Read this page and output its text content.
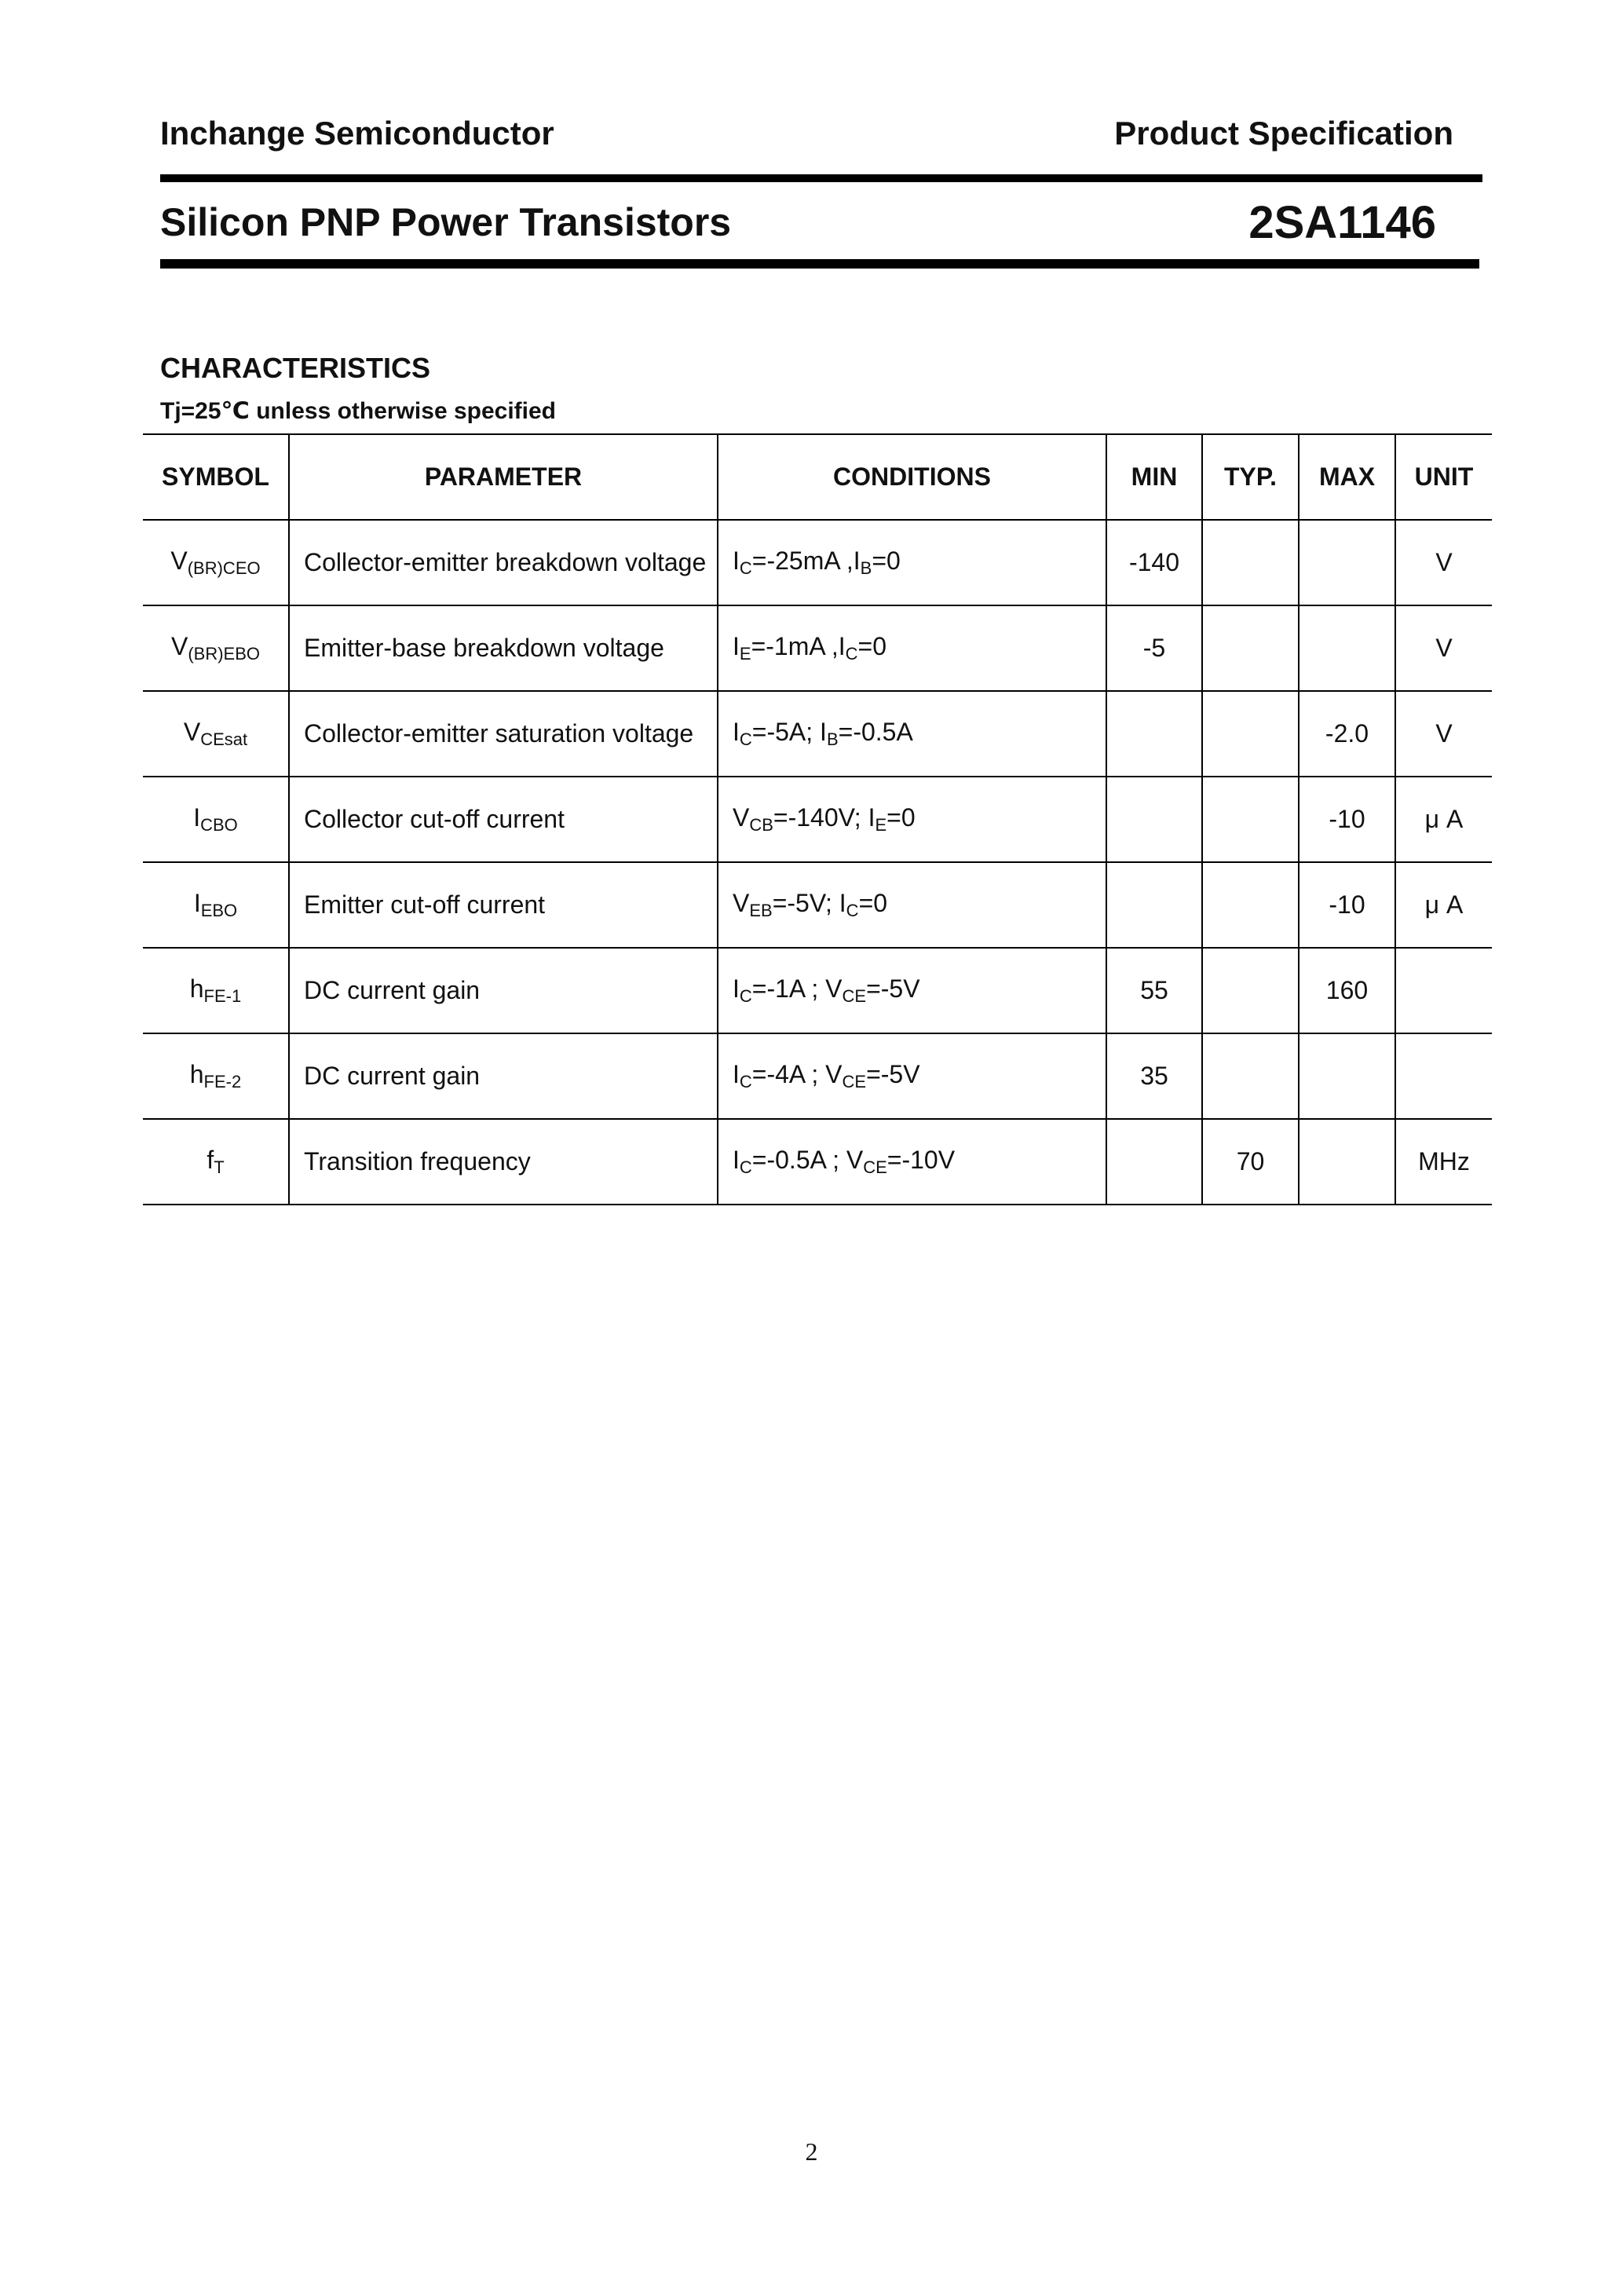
Inchange Semiconductor	Product Specification
Silicon PNP Power Transistors	2SA1146
CHARACTERISTICS
Tj=25℃ unless otherwise specified
SYMBOL	PARAMETER	CONDITIONS	MIN	TYP.	MAX	UNIT
$V_{(BR)CEO}$	Collector-emitter breakdown voltage	$I_C=-25mA$ $,I_B=0$	-140			V
$V_{(BR)EBO}$	Emitter-base breakdown voltage	$I_E=-1mA$ $,I_C=0$	-5			V
$V_{CEsat}$	Collector-emitter saturation voltage	$I_C=-5A$; $I_B=-0.5A$			-2.0	V
$I_{CBO}$	Collector cut-off current	$V_{CB}=-140V$; $I_E=0$			-10	μ A
$I_{EBO}$	Emitter cut-off current	$V_{EB}=-5V$; $I_C=0$			-10	μ A
$h_{FE-1}$	DC current gain	$I_C=-1A$ ; $V_{CE}=-5V$	55		160	
$h_{FE-2}$	DC current gain	$I_C=-4A$ ; $V_{CE}=-5V$	35			
$f_T$	Transition frequency	$I_C=-0.5A$ ; $V_{CE}=-10V$		70		MHz
2
